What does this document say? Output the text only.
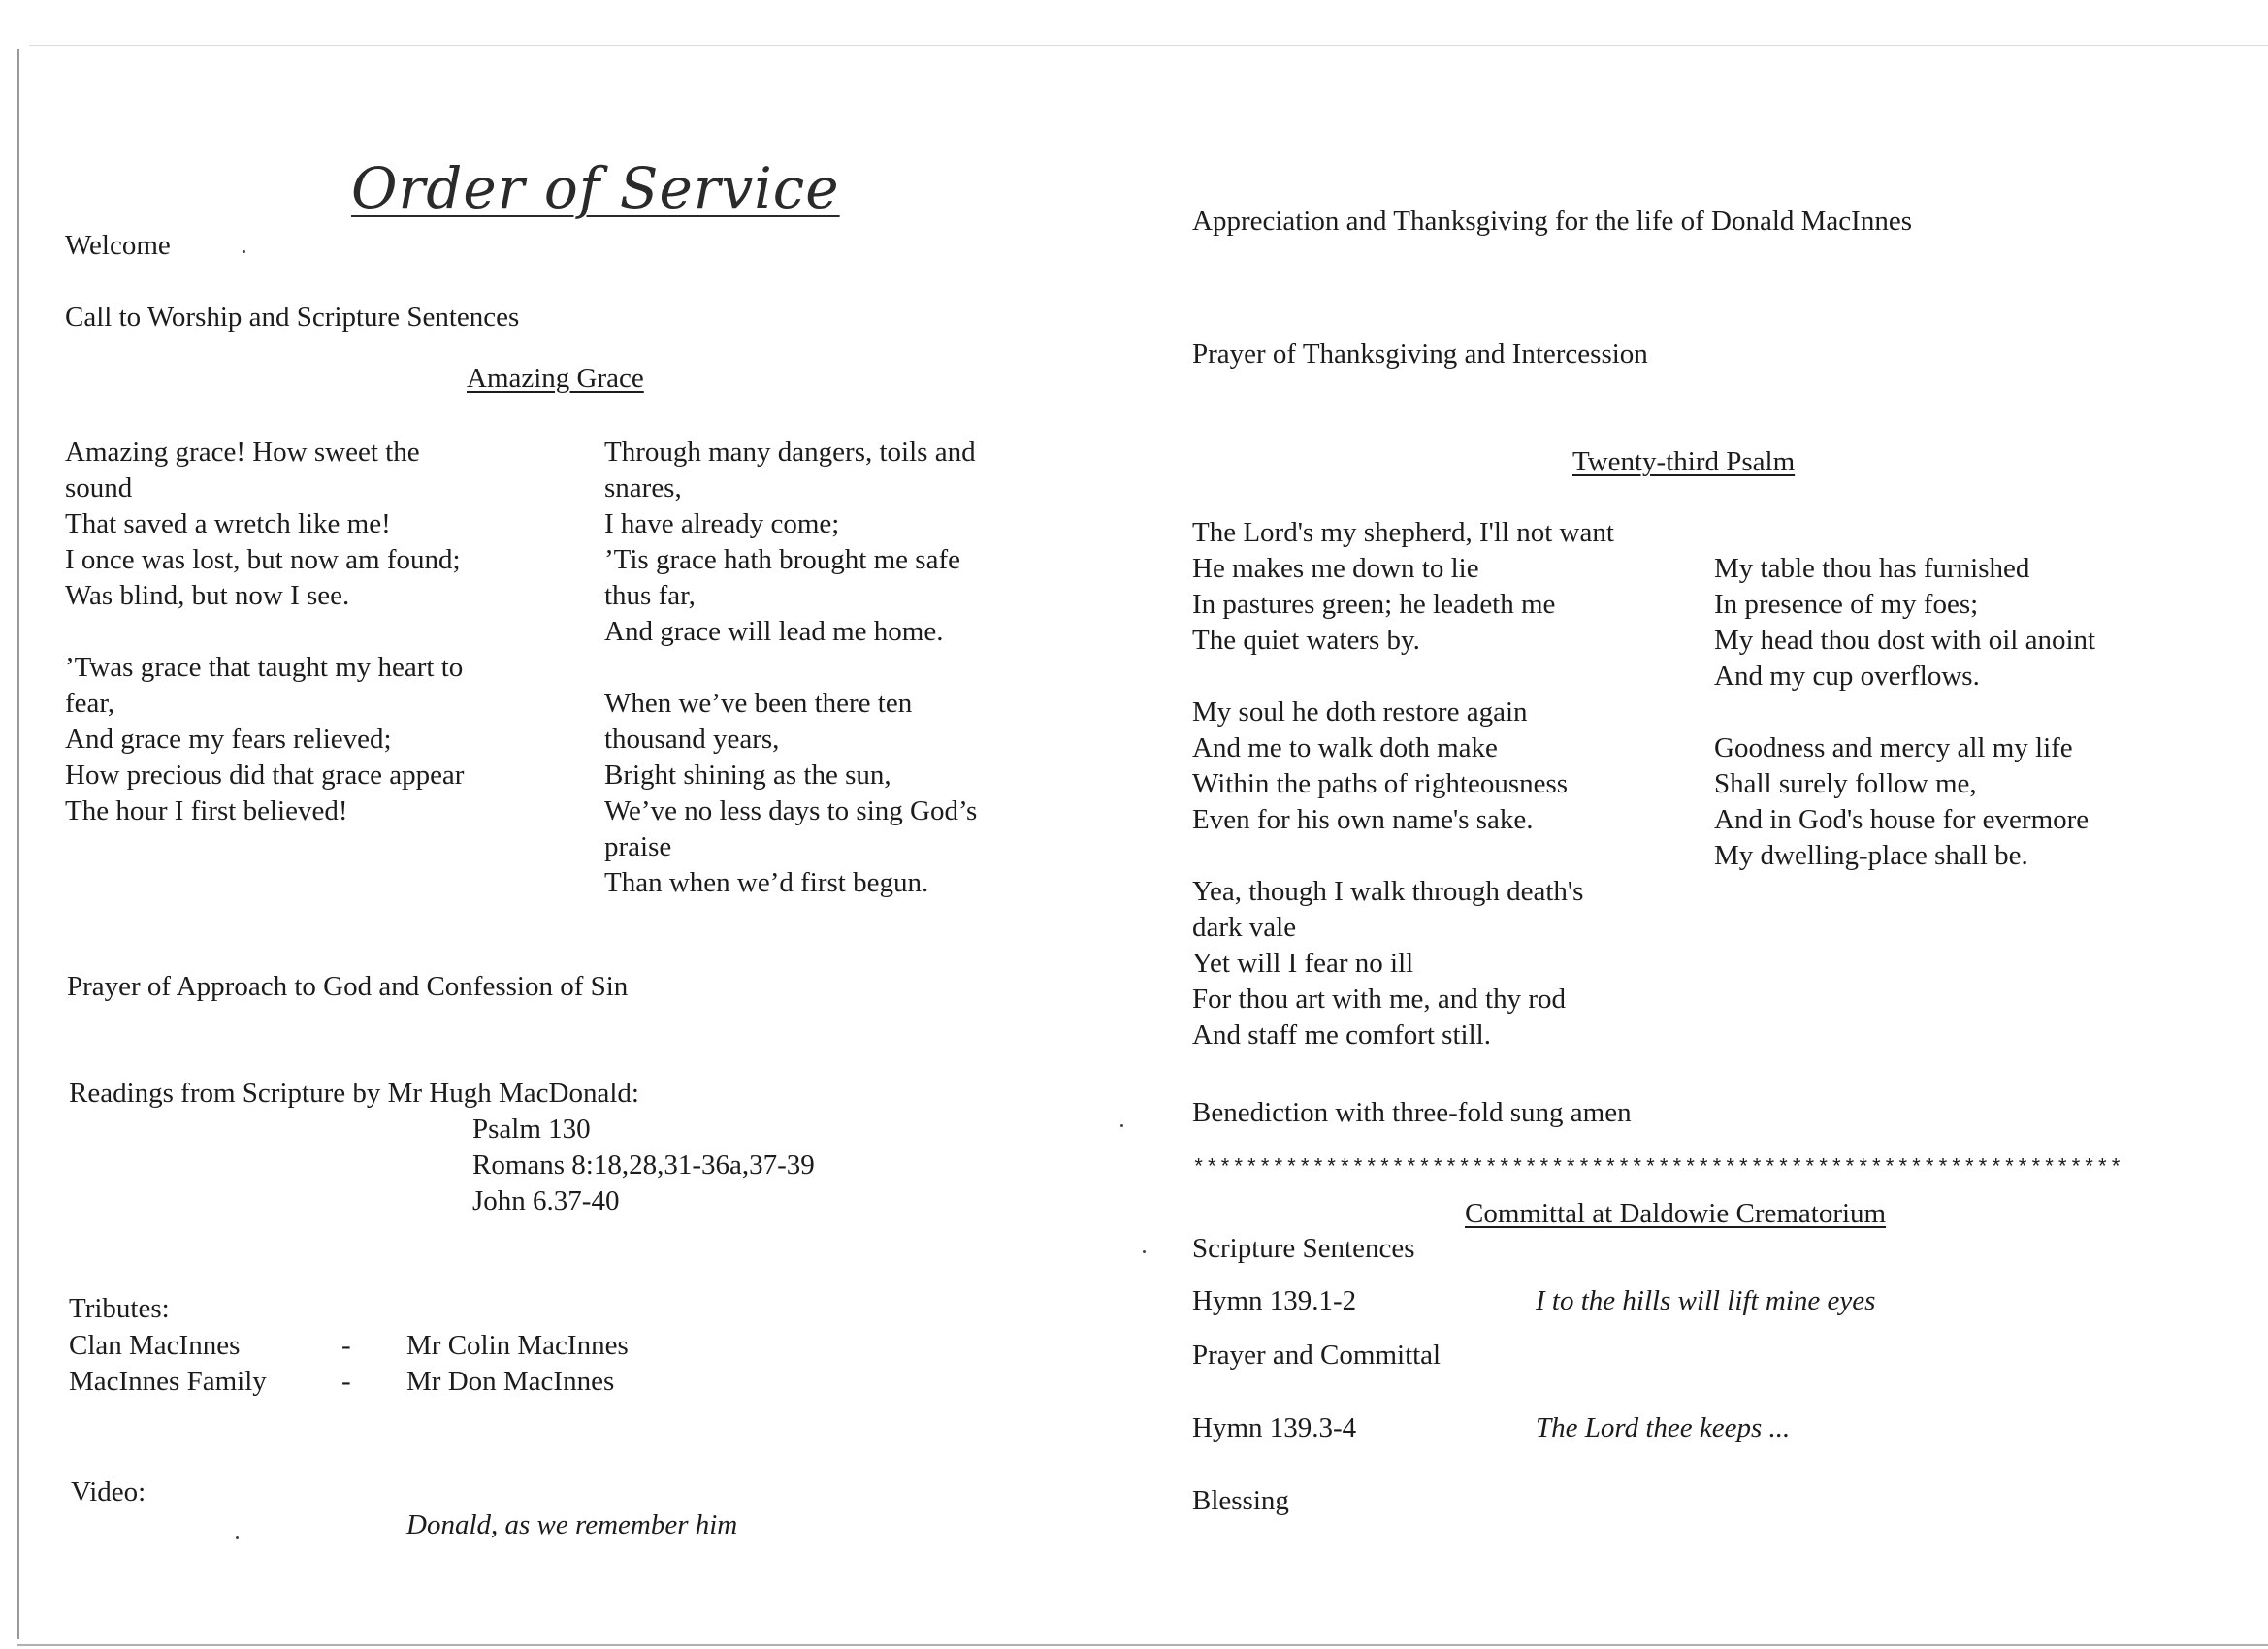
Order of Service
Welcome
Call to Worship and Scripture Sentences
Amazing Grace
Amazing grace! How sweet the
sound
That saved a wretch like me!
I once was lost, but now am found;
Was blind, but now I see.
’Twas grace that taught my heart to
fear,
And grace my fears relieved;
How precious did that grace appear
The hour I first believed!
Through many dangers, toils and
snares,
I have already come;
’Tis grace hath brought me safe
thus far,
And grace will lead me home.
When we’ve been there ten
thousand years,
Bright shining as the sun,
We’ve no less days to sing God’s
praise
Than when we’d first begun.
Prayer of Approach to God and Confession of Sin
Readings from Scripture by Mr Hugh MacDonald:
Psalm 130
Romans 8:18,28,31-36a,37-39
John 6.37-40
Tributes:
Clan MacInnes	- Mr Colin MacInnes
MacInnes Family	- Mr Don MacInnes
Video:
Donald, as we remember him
Appreciation and Thanksgiving for the life of Donald MacInnes
Prayer of Thanksgiving and Intercession
Twenty-third Psalm
The Lord's my shepherd, I'll not want
He makes me down to lie
In pastures green; he leadeth me
The quiet waters by.
My soul he doth restore again
And me to walk doth make
Within the paths of righteousness
Even for his own name's sake.
Yea, though I walk through death's
dark vale
Yet will I fear no ill
For thou art with me, and thy rod
And staff me comfort still.
My table thou has furnished
In presence of my foes;
My head thou dost with oil anoint
And my cup overflows.
Goodness and mercy all my life
Shall surely follow me,
And in God's house for evermore
My dwelling-place shall be.
Benediction with three-fold sung amen
**********************************************************************
Committal at Daldowie Crematorium
Scripture Sentences
Hymn 139.1-2	I to the hills will lift mine eyes
Prayer and Committal
Hymn 139.3-4	The Lord thee keeps ...
Blessing
